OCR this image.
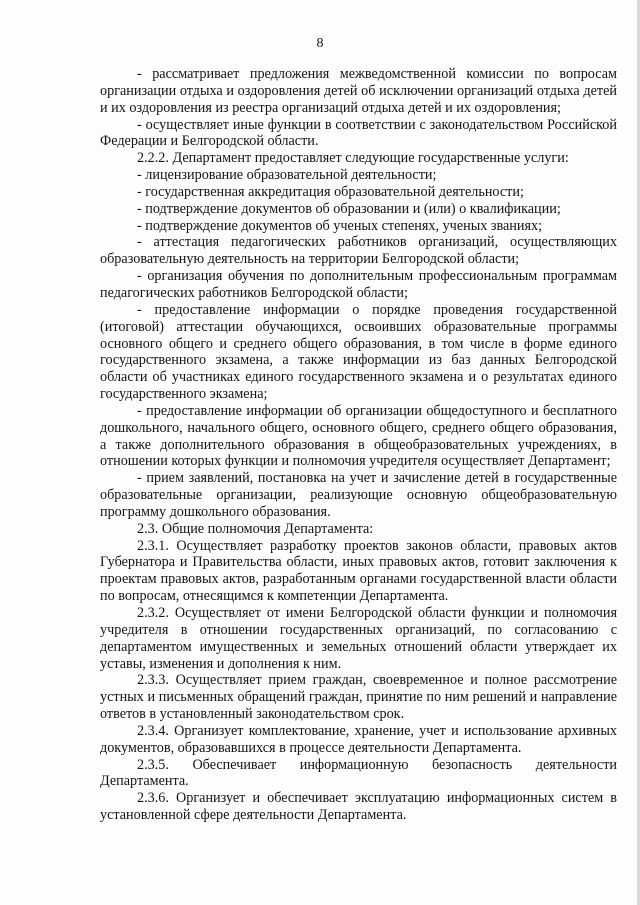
8

- рассматривает предложения межведомственной комиссии по вопросам организации отдыха и оздоровления детей об исключении организаций отдыха детей и их оздоровления из реестра организаций отдыха детей и их оздоровления;

- осуществляет иные функции в соответствии с законодательством Российской Федерации и Белгородской области.

2.2.2. Департамент предоставляет следующие государственные услуги:

- лицензирование образовательной деятельности;

- государственная аккредитация образовательной деятельности;

- подтверждение документов об образовании и (или) о квалификации;

- подтверждение документов об ученых степенях, ученых званиях;

- аттестация педагогических работников организаций, осуществляющих образовательную деятельность на территории Белгородской области;

- организация обучения по дополнительным профессиональным программам педагогических работников Белгородской области;

- предоставление информации о порядке проведения государственной (итоговой) аттестации обучающихся, освоивших образовательные программы основного общего и среднего общего образования, в том числе в форме единого государственного экзамена, а также информации из баз данных Белгородской области об участниках единого государственного экзамена и о результатах единого государственного экзамена;

- предоставление информации об организации общедоступного и бесплатного дошкольного, начального общего, основного общего, среднего общего образования, а также дополнительного образования в общеобразовательных учреждениях, в отношении которых функции и полномочия учредителя осуществляет Департамент;

- прием заявлений, постановка на учет и зачисление детей в государственные образовательные организации, реализующие основную общеобразовательную программу дошкольного образования.

2.3. Общие полномочия Департамента:

2.3.1. Осуществляет разработку проектов законов области, правовых актов Губернатора и Правительства области, иных правовых актов, готовит заключения к проектам правовых актов, разработанным органами государственной власти области по вопросам, отнесящимся к компетенции Департамента.

2.3.2. Осуществляет от имени Белгородской области функции и полномочия учредителя в отношении государственных организаций, по согласованию с департаментом имущественных и земельных отношений области утверждает их уставы, изменения и дополнения к ним.

2.3.3. Осуществляет прием граждан, своевременное и полное рассмотрение устных и письменных обращений граждан, принятие по ним решений и направление ответов в установленный законодательством срок.

2.3.4. Организует комплектование, хранение, учет и использование архивных документов, образовавшихся в процессе деятельности Департамента.

2.3.5. Обеспечивает информационную безопасность деятельности Департамента.

2.3.6. Организует и обеспечивает эксплуатацию информационных систем в установленной сфере деятельности Департамента.
